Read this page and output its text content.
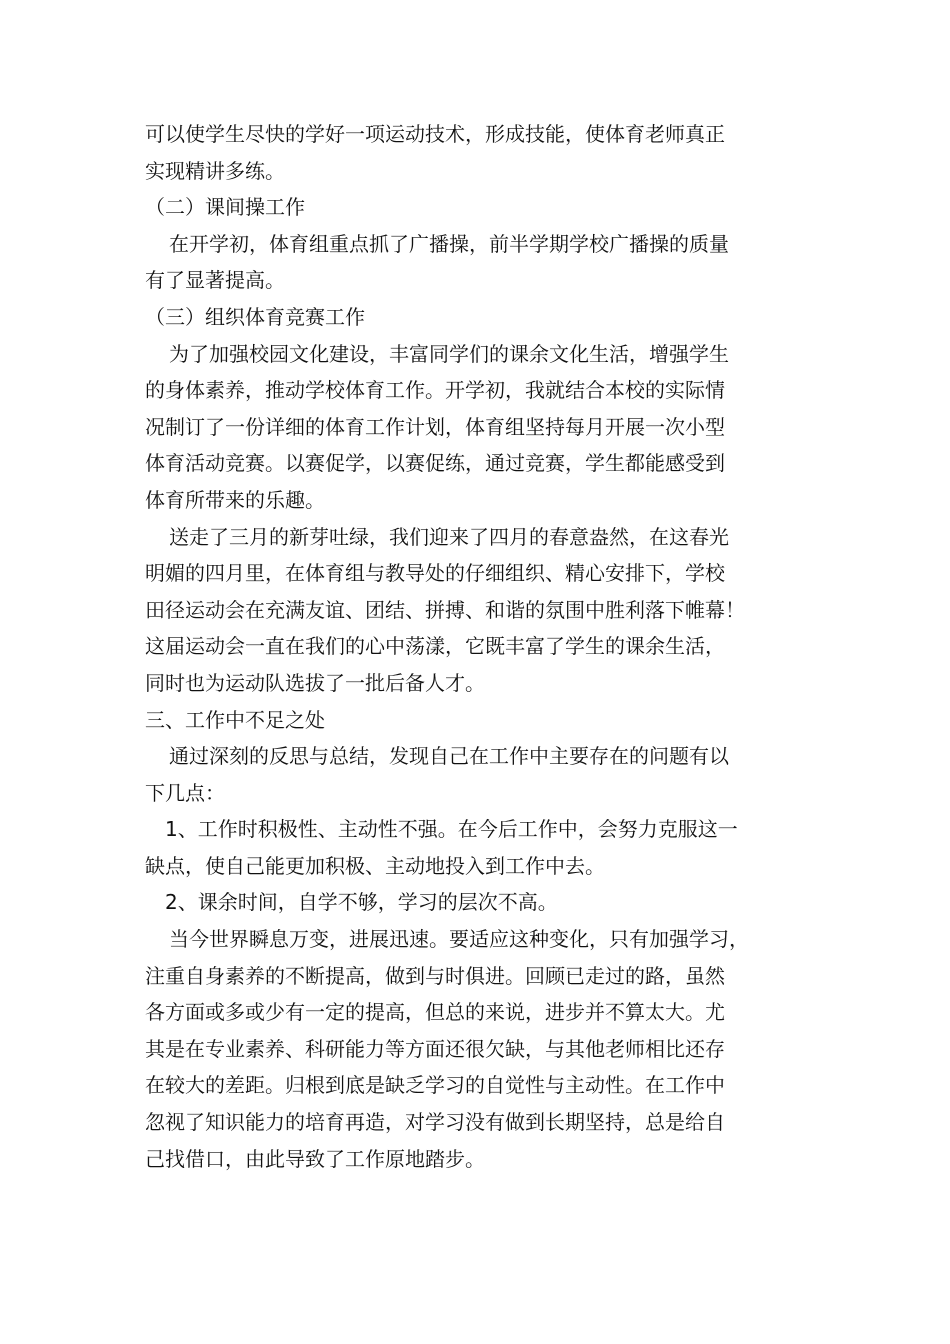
可以使学生尽快的学好一项运动技术，形成技能，使体育老师真正
实现精讲多练。

（二）课间操工作

在开学初，体育组重点抓了广播操，前半学期学校广播操的质量
有了显著提高。

（三）组织体育竞赛工作

为了加强校园文化建设，丰富同学们的课余文化生活，增强学生
的身体素养，推动学校体育工作。开学初，我就结合本校的实际情
况制订了一份详细的体育工作计划，体育组坚持每月开展一次小型
体育活动竞赛。以赛促学，以赛促练，通过竞赛，学生都能感受到
体育所带来的乐趣。

送走了三月的新芽吐绿，我们迎来了四月的春意盎然，在这春光
明媚的四月里，在体育组与教导处的仔细组织、精心安排下，学校
田径运动会在充满友谊、团结、拼搏、和谐的氛围中胜利落下帷幕！
这届运动会一直在我们的心中荡漾，它既丰富了学生的课余生活，
同时也为运动队选拔了一批后备人才。

三、工作中不足之处

通过深刻的反思与总结，发现自己在工作中主要存在的问题有以
下几点：

1、工作时积极性、主动性不强。在今后工作中，会努力克服这一
缺点，使自己能更加积极、主动地投入到工作中去。

2、课余时间，自学不够，学习的层次不高。

当今世界瞬息万变，进展迅速。要适应这种变化，只有加强学习，
注重自身素养的不断提高，做到与时俱进。回顾已走过的路，虽然
各方面或多或少有一定的提高，但总的来说，进步并不算太大。尤
其是在专业素养、科研能力等方面还很欠缺，与其他老师相比还存
在较大的差距。归根到底是缺乏学习的自觉性与主动性。在工作中
忽视了知识能力的培育再造，对学习没有做到长期坚持，总是给自
己找借口，由此导致了工作原地踏步。
